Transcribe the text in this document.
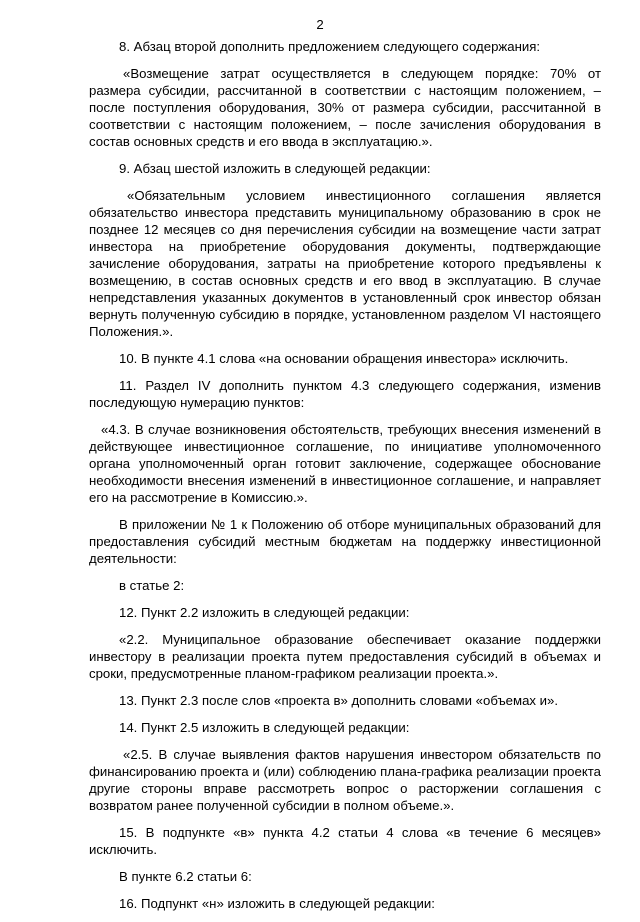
2

8. Абзац второй дополнить предложением следующего содержания:

«Возмещение затрат осуществляется в следующем порядке: 70% от размера субсидии, рассчитанной в соответствии с настоящим положением, – после поступления оборудования, 30% от размера субсидии, рассчитанной в соответствии с настоящим положением, – после зачисления оборудования в состав основных средств и его ввода в эксплуатацию.».

9. Абзац шестой изложить в следующей редакции:

«Обязательным условием инвестиционного соглашения является обязательство инвестора представить муниципальному образованию в срок не позднее 12 месяцев со дня перечисления субсидии на возмещение части затрат инвестора на приобретение оборудования документы, подтверждающие зачисление оборудования, затраты на приобретение которого предъявлены к возмещению, в состав основных средств и его ввод в эксплуатацию. В случае непредставления указанных документов в установленный срок инвестор обязан вернуть полученную субсидию в порядке, установленном разделом VI настоящего Положения.».

10. В пункте 4.1 слова «на основании обращения инвестора» исключить.

11. Раздел IV дополнить пунктом 4.3 следующего содержания, изменив последующую нумерацию пунктов:

«4.3. В случае возникновения обстоятельств, требующих внесения изменений в действующее инвестиционное соглашение, по инициативе уполномоченного органа уполномоченный орган готовит заключение, содержащее обоснование необходимости внесения изменений в инвестиционное соглашение, и направляет его на рассмотрение в Комиссию.».

В приложении № 1 к Положению об отборе муниципальных образований для предоставления субсидий местным бюджетам на поддержку инвестиционной деятельности:

в статье 2:

12. Пункт 2.2 изложить в следующей редакции:

«2.2. Муниципальное образование обеспечивает оказание поддержки инвестору в реализации проекта путем предоставления субсидий в объемах и сроки, предусмотренные планом-графиком реализации проекта.».

13. Пункт 2.3 после слов «проекта в» дополнить словами «объемах и».

14. Пункт 2.5 изложить в следующей редакции:

«2.5. В случае выявления фактов нарушения инвестором обязательств по финансированию проекта и (или) соблюдению плана-графика реализации проекта другие стороны вправе рассмотреть вопрос о расторжении соглашения с возвратом ранее полученной субсидии в полном объеме.».

15. В подпункте «в» пункта 4.2 статьи 4 слова «в течение 6 месяцев» исключить.

В пункте 6.2 статьи 6:

16. Подпункт «н» изложить в следующей редакции:
